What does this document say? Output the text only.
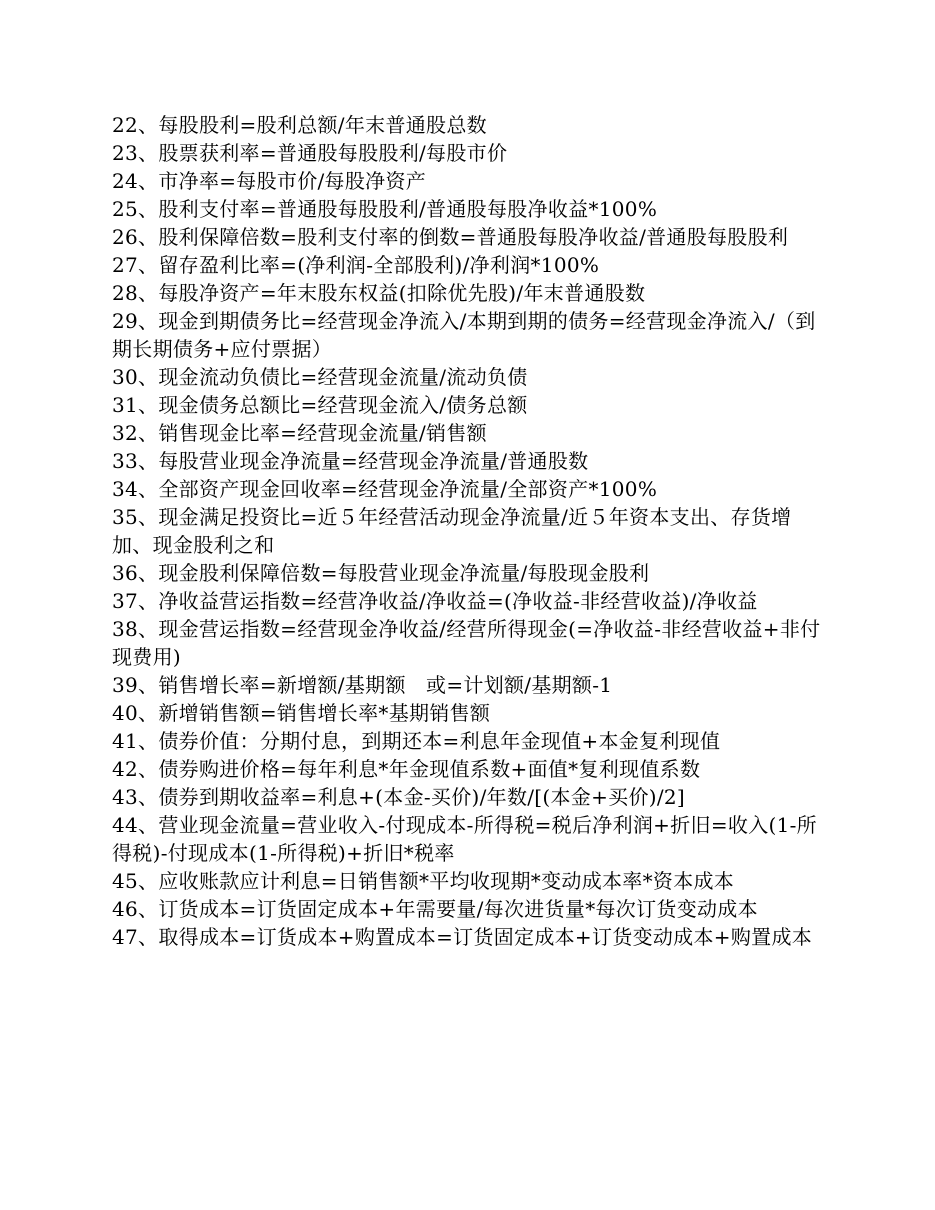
22、每股股利=股利总额/年末普通股总数

23、股票获利率=普通股每股股利/每股市价

24、市净率=每股市价/每股净资产

25、股利支付率=普通股每股股利/普通股每股净收益*100%

26、股利保障倍数=股利支付率的倒数=普通股每股净收益/普通股每股股利

27、留存盈利比率=(净利润-全部股利)/净利润*100%

28、每股净资产=年末股东权益(扣除优先股)/年末普通股数

29、现金到期债务比=经营现金净流入/本期到期的债务=经营现金净流入/（到期长期债务+应付票据）

30、现金流动负债比=经营现金流量/流动负债

31、现金债务总额比=经营现金流入/债务总额

32、销售现金比率=经营现金流量/销售额

33、每股营业现金净流量=经营现金净流量/普通股数

34、全部资产现金回收率=经营现金净流量/全部资产*100%

35、现金满足投资比=近５年经营活动现金净流量/近５年资本支出、存货增加、现金股利之和

36、现金股利保障倍数=每股营业现金净流量/每股现金股利

37、净收益营运指数=经营净收益/净收益=(净收益-非经营收益)/净收益

38、现金营运指数=经营现金净收益/经营所得现金(=净收益-非经营收益+非付现费用)

39、销售增长率=新增额/基期额　或=计划额/基期额-1

40、新增销售额=销售增长率*基期销售额

41、债券价值：分期付息，到期还本=利息年金现值+本金复利现值

42、债券购进价格=每年利息*年金现值系数+面值*复利现值系数

43、债券到期收益率=利息+(本金-买价)/年数/[(本金+买价)/2]

44、营业现金流量=营业收入-付现成本-所得税=税后净利润+折旧=收入(1-所得税)-付现成本(1-所得税)+折旧*税率

45、应收账款应计利息=日销售额*平均收现期*变动成本率*资本成本

46、订货成本=订货固定成本+年需要量/每次进货量*每次订货变动成本

47、取得成本=订货成本+购置成本=订货固定成本+订货变动成本+购置成本
